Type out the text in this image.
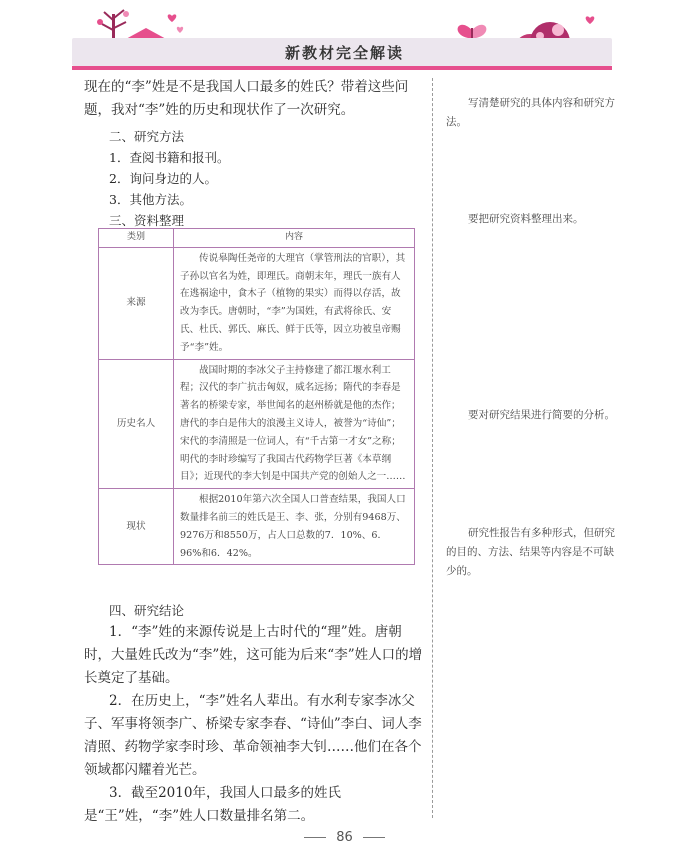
新教材完全解读

现在的“李”姓是不是我国人口最多的姓氏？带着这些问题，我对“李”姓的历史和现状作了一次研究。

二、研究方法

1．查阅书籍和报刊。

2．询问身边的人。

3．其他方法。

三、资料整理

类别	内容
来源	传说皋陶任尧帝的大理官（掌管刑法的官职），其子孙以官名为姓，即理氏。商朝末年，理氏一族有人在逃祸途中，食木子（植物的果实）而得以存活，故改为李氏。唐朝时，“李”为国姓，有武将徐氏、安氏、杜氏、郭氏、麻氏、鲜于氏等，因立功被皇帝赐予“李”姓。
历史名人	战国时期的李冰父子主持修建了都江堰水利工程；汉代的李广抗击匈奴，威名远扬；隋代的李春是著名的桥梁专家，举世闻名的赵州桥就是他的杰作；唐代的李白是伟大的浪漫主义诗人，被誉为“诗仙”；宋代的李清照是一位词人，有“千古第一才女”之称；明代的李时珍编写了我国古代药物学巨著《本草纲目》；近现代的李大钊是中国共产党的创始人之一……
现状	根据2010年第六次全国人口普查结果，我国人口数量排名前三的姓氏是王、李、张，分别有9468万、9276万和8550万，占人口总数的7．10%、6．96%和6．42%。

四、研究结论

1．“李”姓的来源传说是上古时代的“理”姓。唐朝时，大量姓氏改为“李”姓，这可能为后来“李”姓人口的增长奠定了基础。

2．在历史上，“李”姓名人辈出。有水利专家李冰父子、军事将领李广、桥梁专家李春、“诗仙”李白、词人李清照、药物学家李时珍、革命领袖李大钊……他们在各个领域都闪耀着光芒。

3．截至2010年，我国人口最多的姓氏是“王”姓，“李”姓人口数量排名第二。

写清楚研究的具体内容和研究方法。

要把研究资料整理出来。

要对研究结果进行简要的分析。

研究性报告有多种形式，但研究的目的、方法、结果等内容是不可缺少的。

86
